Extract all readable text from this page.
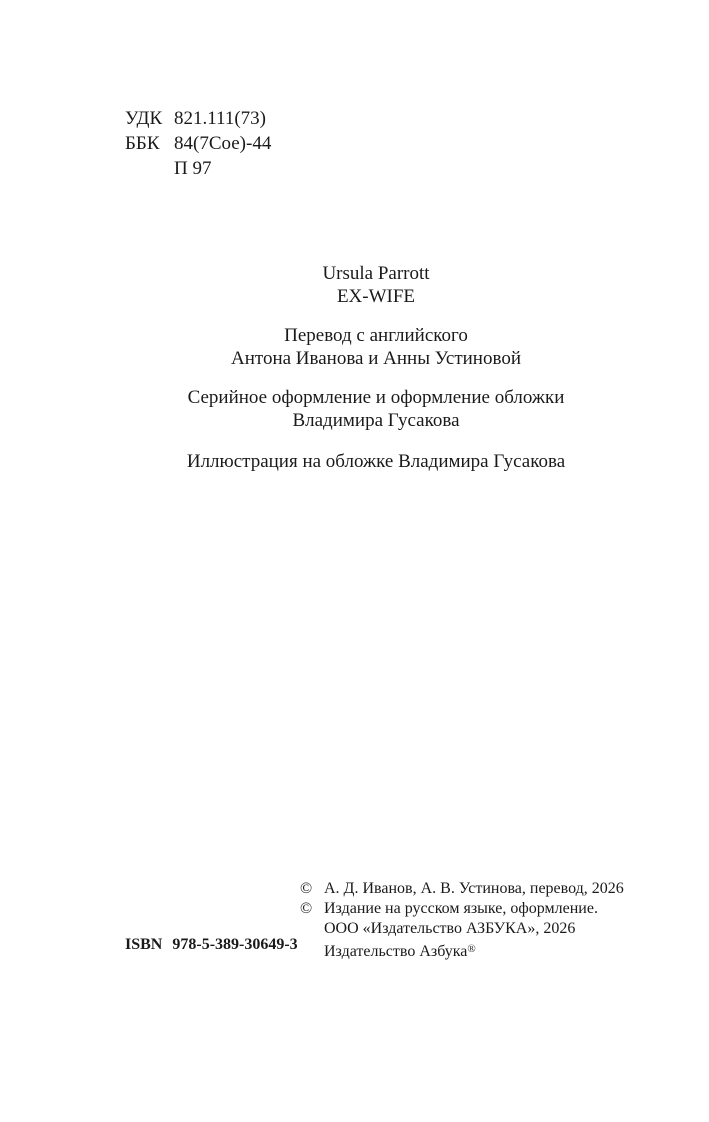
УДК 821.111(73)
ББК 84(7Сое)-44
П 97
Ursula Parrott
EX-WIFE
Перевод с английского
Антона Иванова и Анны Устиновой
Серийное оформление и оформление обложки
Владимира Гусакова
Иллюстрация на обложке Владимира Гусакова
© А. Д. Иванов, А. В. Устинова, перевод, 2026
© Издание на русском языке, оформление.
ООО «Издательство АЗБУКА», 2026
Издательство Азбука®
ISBN 978-5-389-30649-3
